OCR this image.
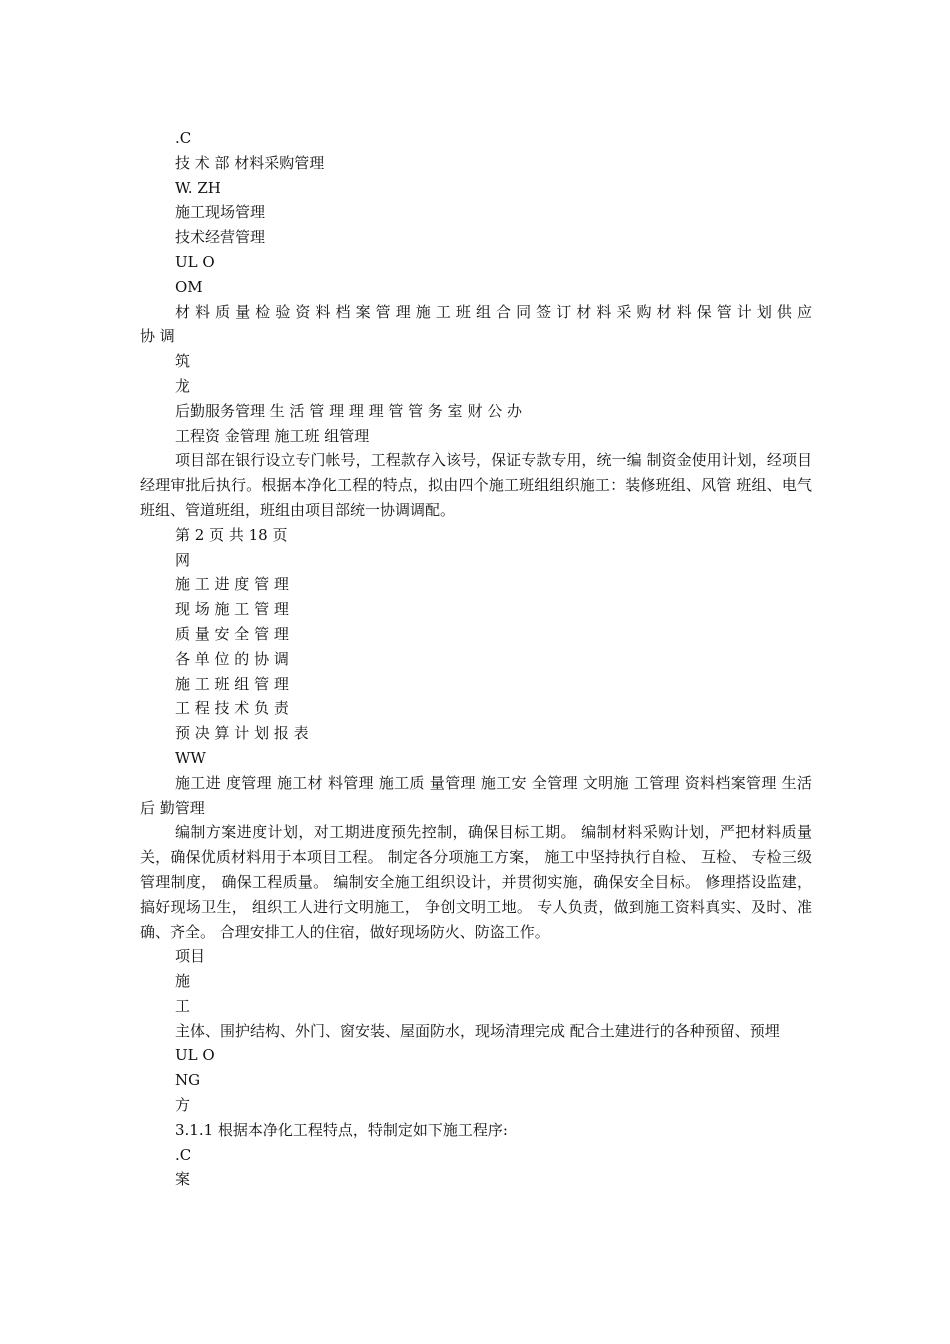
.C

技 术 部 材料采购管理

W. ZH

施工现场管理

技术经营管理

UL O

OM

材 料 质 量 检 验 资 料 档 案 管 理 施 工 班 组 合 同 签 订 材 料 采 购 材 料 保 管 计 划 供 应 协 调

筑

龙

后勤服务管理 生 活 管 理 理 理 管 管 务 室 财 公 办

工程资 金管理 施工班 组管理

项目部在银行设立专门帐号，工程款存入该号，保证专款专用，统一编 制资金使用计划，经项目经理审批后执行。根据本净化工程的特点，拟由四个施工班组组织施工：装修班组、风管 班组、电气班组、管道班组，班组由项目部统一协调调配。

第 2 页 共 18 页

网

施 工 进 度 管 理

现 场 施 工 管 理

质 量 安 全 管 理

各 单 位 的 协 调

施 工 班 组 管 理

工 程 技 术 负 责

预 决 算 计 划 报 表

WW

施工进 度管理 施工材 料管理 施工质 量管理 施工安 全管理 文明施 工管理 资料档案管理 生活后 勤管理

编制方案进度计划，对工期进度预先控制，确保目标工期。 编制材料采购计划，严把材料质量关，确保优质材料用于本项目工程。 制定各分项施工方案， 施工中坚持执行自检、 互检、 专检三级管理制度， 确保工程质量。 编制安全施工组织设计，并贯彻实施，确保安全目标。 修理搭设监建， 搞好现场卫生， 组织工人进行文明施工， 争创文明工地。 专人负责，做到施工资料真实、及时、准确、齐全。 合理安排工人的住宿，做好现场防火、防盗工作。

项目

施

工

主体、围护结构、外门、窗安装、屋面防水，现场清理完成 配合土建进行的各种预留、预埋

UL O

NG

方

3.1.1 根据本净化工程特点，特制定如下施工程序:

.C

案
